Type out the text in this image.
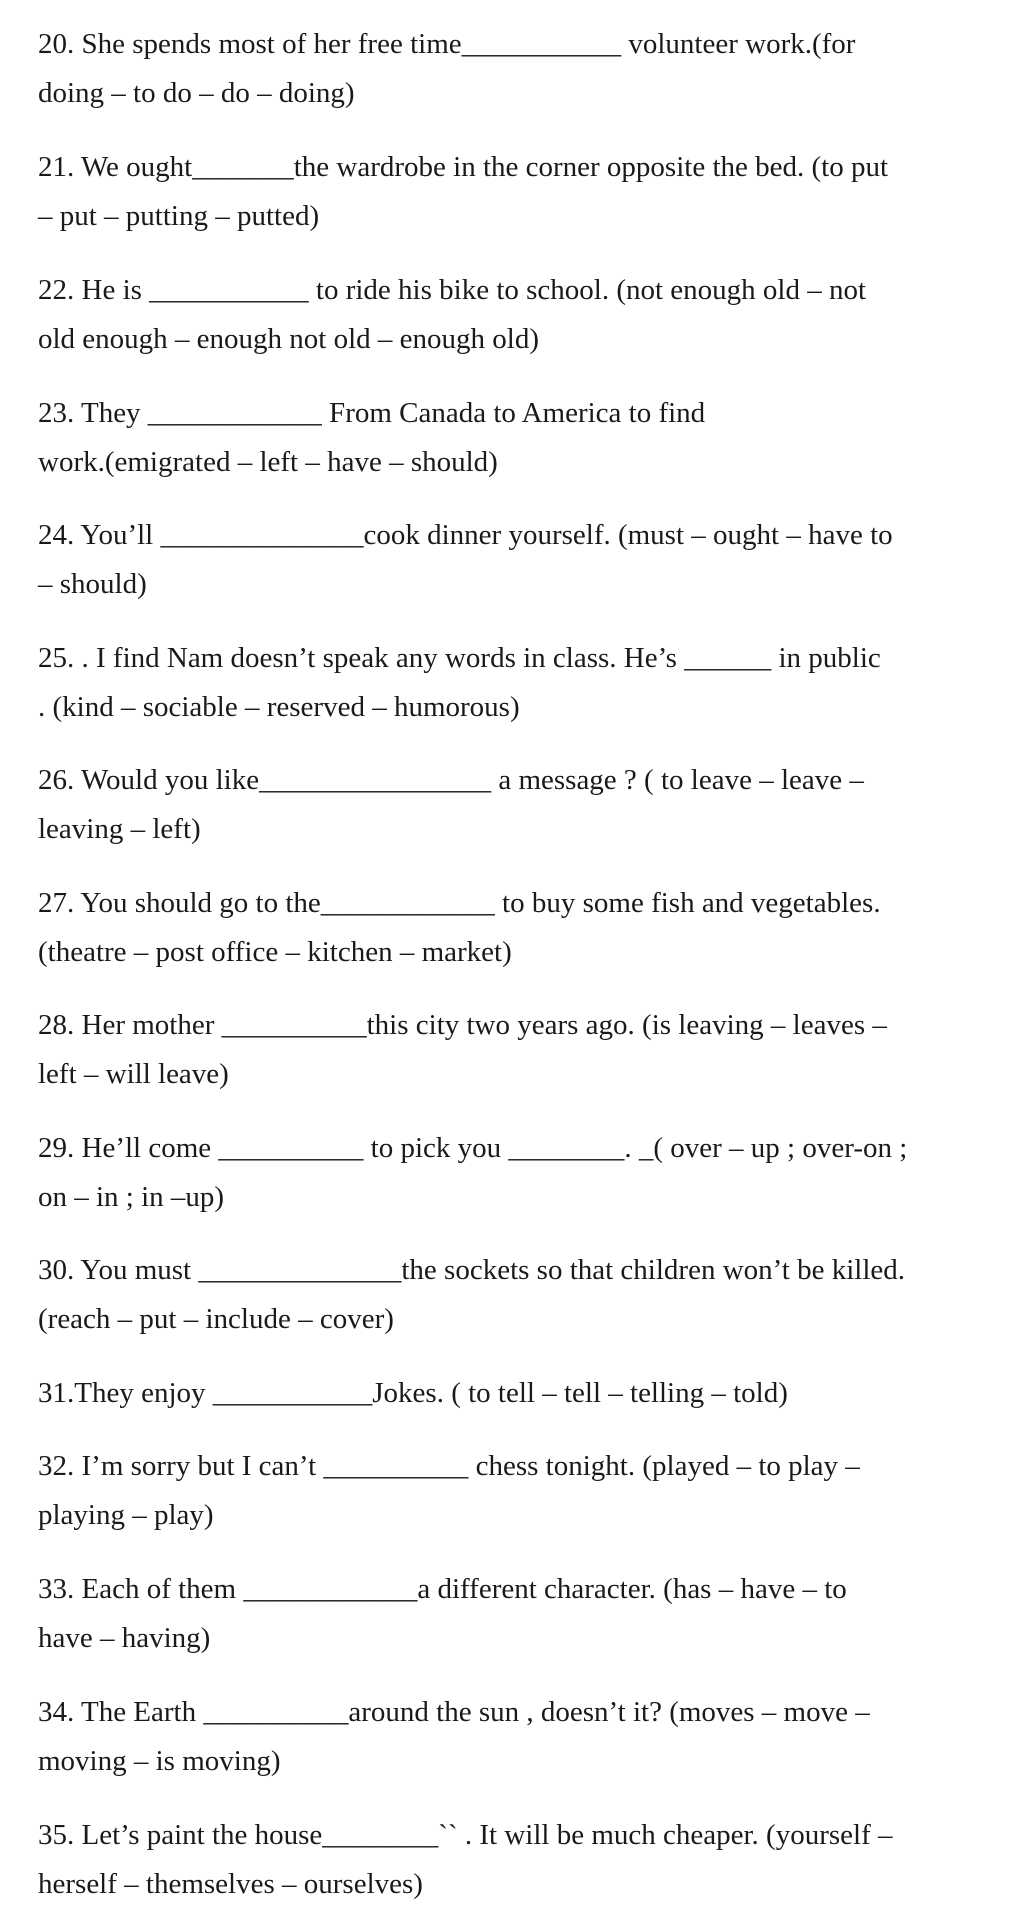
20. She spends most of her free time___________ volunteer work.(for
doing – to do – do – doing)
21. We ought_______the wardrobe in the corner opposite the bed. (to put
– put – putting – putted)
22. He is ___________ to ride his bike to school. (not enough old – not
old enough – enough not old – enough old)
23. They ____________ From Canada to America to find
work.(emigrated – left – have – should)
24. You’ll ______________cook dinner yourself. (must – ought – have to
– should)
25. . I find Nam doesn’t speak any words in class. He’s ______ in public
. (kind – sociable – reserved – humorous)
26. Would you like________________ a message ? ( to leave – leave –
leaving – left)
27. You should go to the____________ to buy some fish and vegetables.
(theatre – post office – kitchen – market)
28. Her mother __________this city two years ago. (is leaving – leaves –
left – will leave)
29. He’ll come __________ to pick you ________. _( over – up ; over-on ;
on – in ; in –up)
30. You must ______________the sockets so that children won’t be killed.
(reach – put – include – cover)
31.They enjoy ___________Jokes. ( to tell – tell – telling – told)
32. I’m sorry but I can’t __________ chess tonight. (played – to play –
playing – play)
33. Each of them ____________a different character. (has – have – to
have – having)
34. The Earth __________around the sun , doesn’t it? (moves – move –
moving – is moving)
35. Let’s paint the house________`` . It will be much cheaper. (yourself –
herself – themselves – ourselves)
